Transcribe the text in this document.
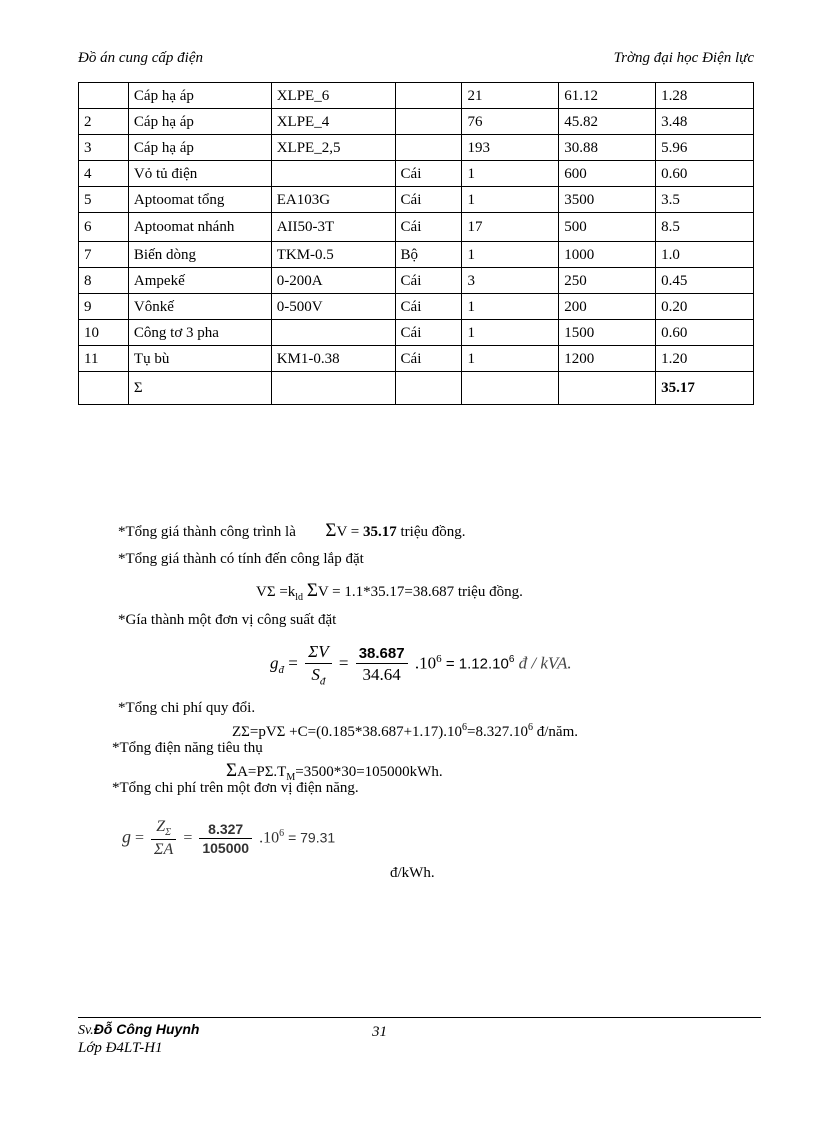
Đồ án cung cấp điện	Trờng đại học Điện lực
	Cáp hạ áp	XLPE_6		21	61.12	1.28
2	Cáp hạ áp	XLPE_4		76	45.82	3.48
3	Cáp hạ áp	XLPE_2,5		193	30.88	5.96
4	Vỏ tủ điện		Cái	1	600	0.60
5	Aptoomat tổng	EA103G	Cái	1	3500	3.5
6	Aptoomat nhánh	AII50-3T	Cái	17	500	8.5
7	Biến dòng	TKM-0.5	Bộ	1	1000	1.0
8	Ampekế	0-200A	Cái	3	250	0.45
9	Vônkế	0-500V	Cái	1	200	0.20
10	Công tơ 3 pha		Cái	1	1500	0.60
11	Tụ bù	KM1-0.38	Cái	1	1200	1.20
	Σ					35.17
*Tổng giá thành công trình là ΣV = 35.17 triệu đồng.
*Tổng giá thành có tính đến công lắp đặt
$V\Sigma =k_{ld}$ ΣV = 1.1*35.17=38.687 triệu đồng.
*Gía thành một đơn vị công suất đặt
$g_đ = \frac{\Sigma V}{S_đ} = \frac{38.687}{34.64} .10^6 = 1.12.10^6$ đ / kVA.
*Tổng chi phí quy đổi.
$Z\Sigma=pV\Sigma +C=(0.185*38.687+1.17).10^6=8.327.10^6$ đ/năm.
*Tổng điện năng tiêu thụ
$\Sigma A=P\Sigma.T_M=3500*30=105000kWh$.
*Tổng chi phí trên một đơn vị điện năng.
$g = \frac{Z_\Sigma}{\Sigma A} = \frac{8.327}{105000} .10^6 = 79.31$
đ/kWh.
Sv.Đỗ Công Huynh	31
Lớp Đ4LT-H1
